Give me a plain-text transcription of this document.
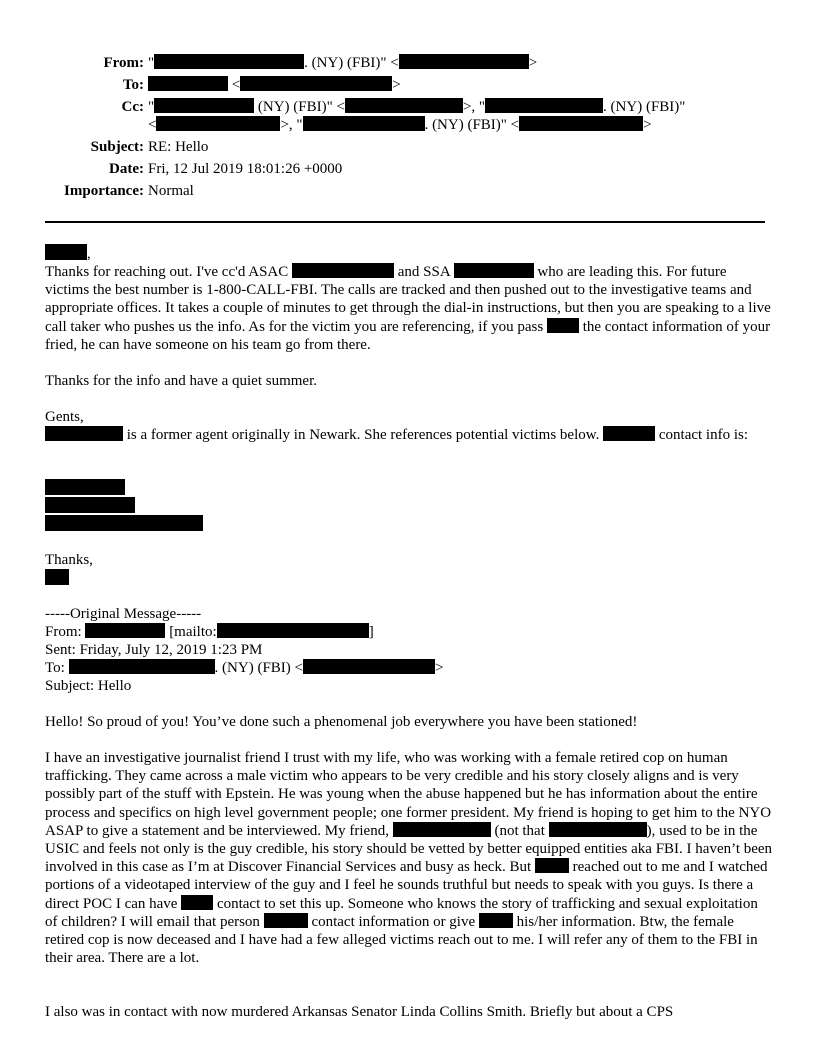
From: "	. (NY) (FBI)" <	>
To:	<	>
Cc: "	(NY) (FBI)" <	>, "	. (NY) (FBI)"
<	>, "	. (NY) (FBI)" <	>
Subject: RE: Hello
Date: Fri, 12 Jul 2019 18:01:26 +0000
Importance: Normal
,
Thanks for reaching out. I've cc'd ASAC	and SSA	who are leading this. For future victims the best number is 1-800-CALL-FBI. The calls are tracked and then pushed out to the investigative teams and appropriate offices. It takes a couple of minutes to get through the dial-in instructions, but then you are speaking to a live call taker who pushes us the info. As for the victim you are referencing, if you pass	the contact information of your fried, he can have someone on his team go from there.
Thanks for the info and have a quiet summer.
Gents,
is a former agent originally in Newark. She references potential victims below.	contact info is:
Thanks,
-----Original Message-----
From:	[mailto:	]
Sent: Friday, July 12, 2019 1:23 PM
To:	. (NY) (FBI) <	>
Subject: Hello
Hello! So proud of you! You’ve done such a phenomenal job everywhere you have been stationed!
I have an investigative journalist friend I trust with my life, who was working with a female retired cop on human trafficking. They came across a male victim who appears to be very credible and his story closely aligns and is very possibly part of the stuff with Epstein. He was young when the abuse happened but he has information about the entire process and specifics on high level government people; one former president. My friend is hoping to get him to the NYO ASAP to give a statement and be interviewed. My friend,	(not that	), used to be in the USIC and feels not only is the guy credible, his story should be vetted by better equipped entities aka FBI. I haven’t been involved in this case as I’m at Discover Financial Services and busy as heck. But	reached out to me and I watched portions of a videotaped interview of the guy and I feel he sounds truthful but needs to speak with you guys. Is there a direct POC I can have	contact to set this up. Someone who knows the story of trafficking and sexual exploitation of children? I will email that person	contact information or give	his/her information. Btw, the female retired cop is now deceased and I have had a few alleged victims reach out to me. I will refer any of them to the FBI in their area. There are a lot.
I also was in contact with now murdered Arkansas Senator Linda Collins Smith. Briefly but about a CPS
